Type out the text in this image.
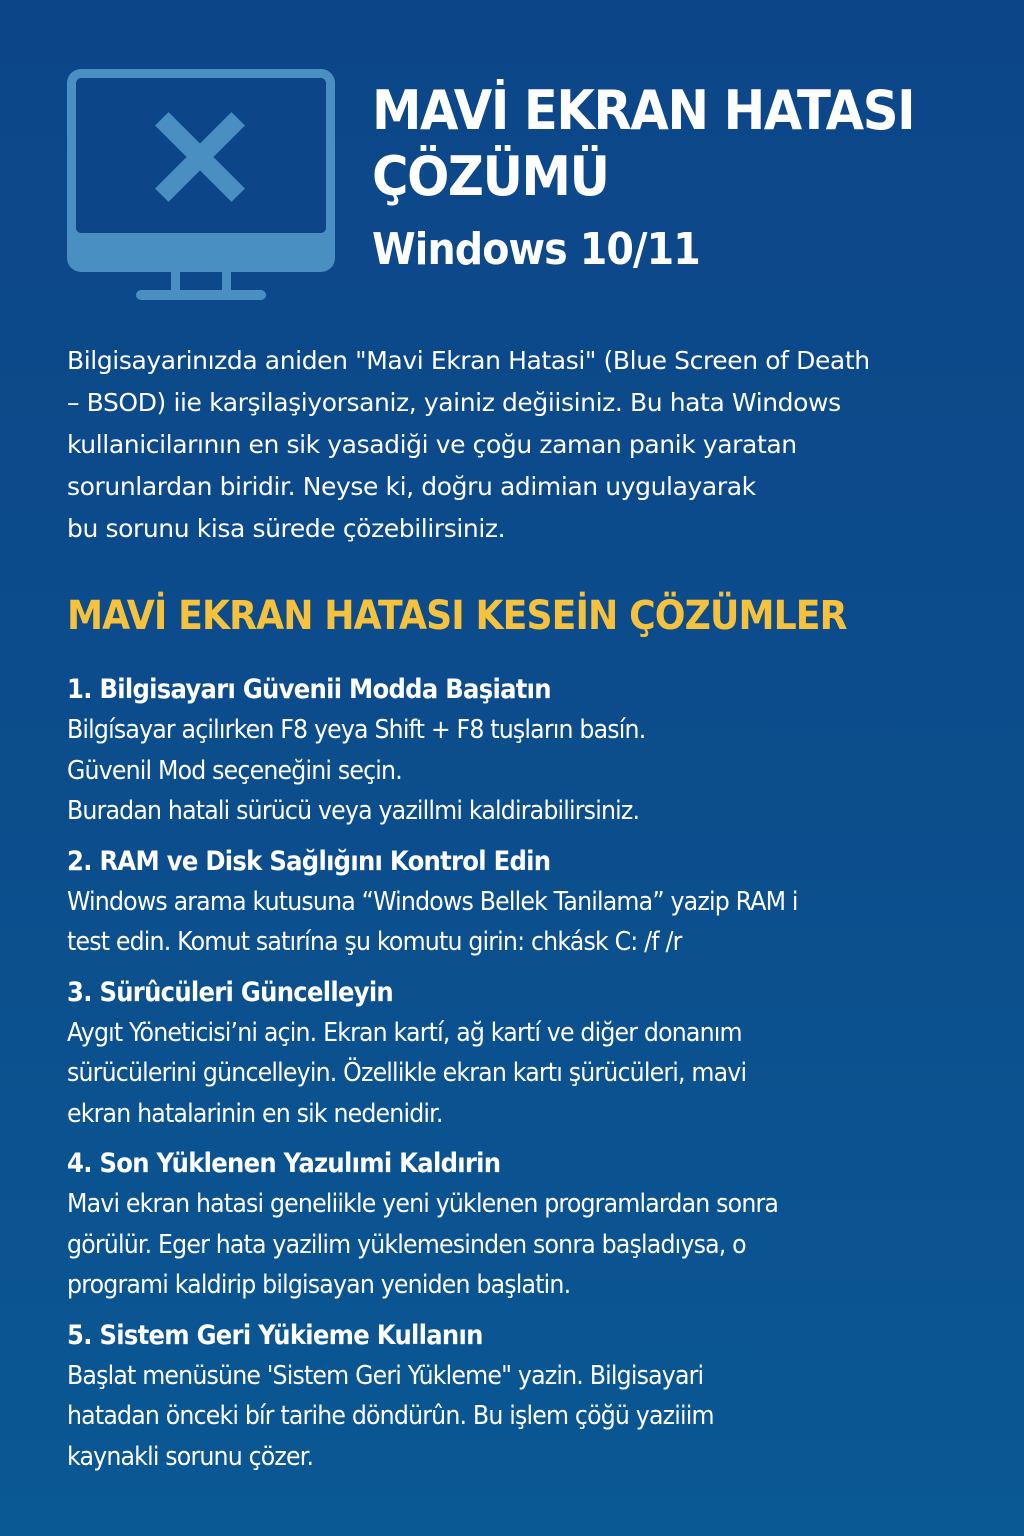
MAVİ EKRAN HATASI
ÇÖZÜMÜ
Windows 10/11
Bilgisayarinızda aniden "Mavi Ekran Hatasi" (Blue Screen of Death
– BSOD) iie karşilaşiyorsaniz, yainiz değiisiniz. Bu hata Windows
kullanicilarının en sik yasadiği ve çoğu zaman panik yaratan
sorunlardan biridir. Neyse ki, doğru adimian uygulayarak
bu sorunu kisa sürede çözebilirsiniz.
MAVİ EKRAN HATASI KESEİN ÇÖZÜMLER
1. Bilgisayarı Güvenii Modda Başiatın
Bilgísayar açilırken F8 yeya Shift + F8 tuşların basín.
Güvenil Mod seçeneğini seçin.
Buradan hatali sürücü veya yazillmi kaldirabilirsiniz.
2. RAM ve Disk Sağlığını Kontrol Edin
Windows arama kutusuna “Windows Bellek Tanilama” yazip RAM i
test edin. Komut satırína şu komutu girin: chkásk C: /f /r
3. Sürûcüleri Güncelleyin
Aygıt Yöneticisi’ni açin. Ekran kartí, ağ kartí ve diğer donanım
sürücülerini güncelleyin. Özellikle ekran kartı şürücüleri, mavi
ekran hatalarinin en sik nedenidir.
4. Son Yüklenen Yazulımi Kaldırin
Mavi ekran hatasi geneliikle yeni yüklenen programlardan sonra
görülür. Eger hata yazilim yüklemesinden sonra başladıysa, o
programi kaldirip bilgisayan yeniden başlatin.
5. Sistem Geri Yükieme Kullanın
Başlat menüsüne 'Sistem Geri Yükleme" yazin. Bilgisayari
hatadan önceki bír tarihe döndürûn. Bu işlem çöğü yaziiim
kaynakli sorunu çözer.
